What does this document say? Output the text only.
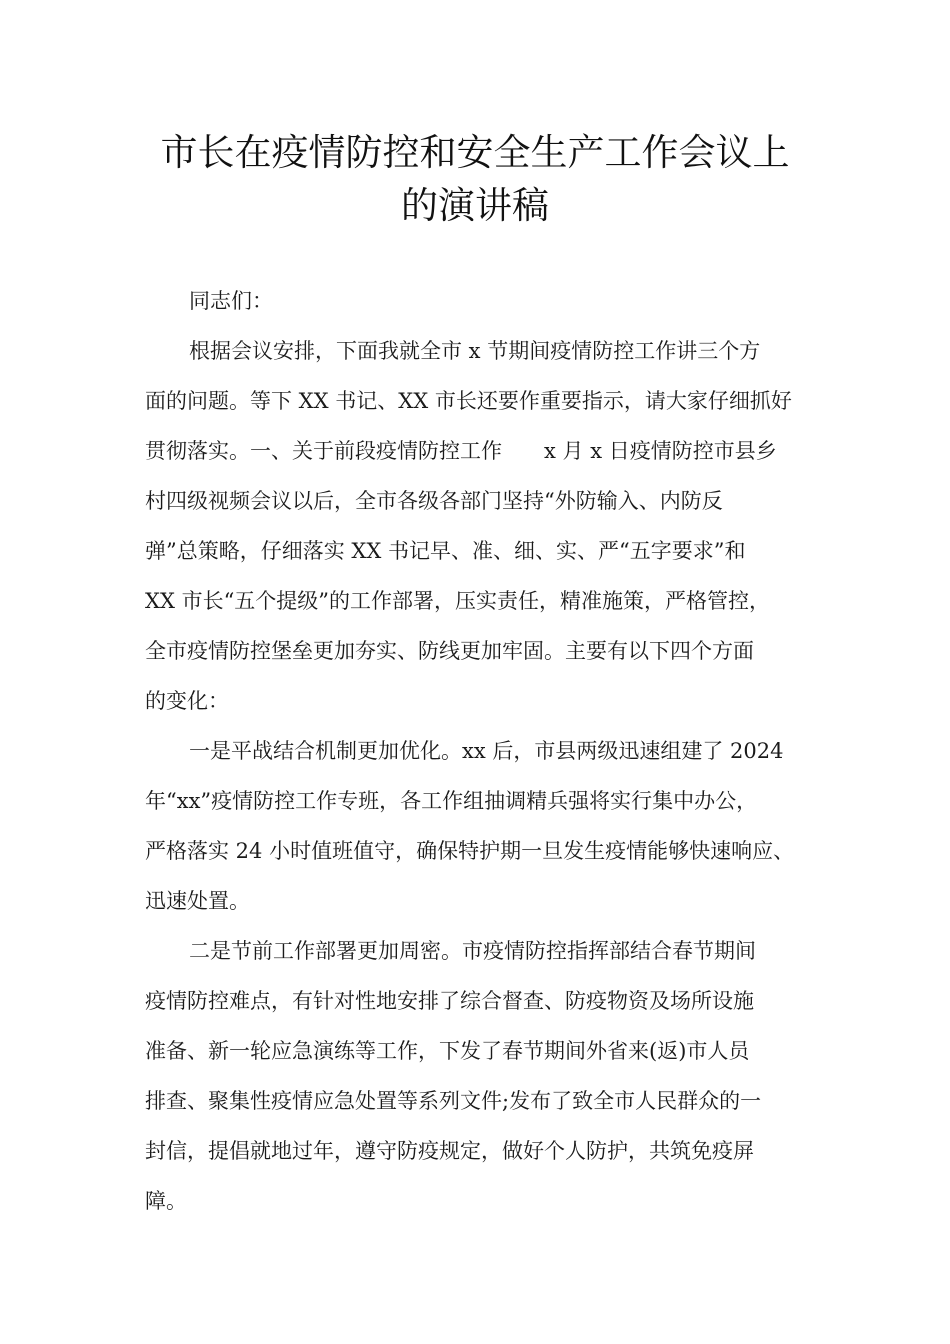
市长在疫情防控和安全生产工作会议上
的演讲稿
同志们：
根据会议安排，下面我就全市 x 节期间疫情防控工作讲三个方
面的问题。等下 XX 书记、XX 市长还要作重要指示，请大家仔细抓好
贯彻落实。一、关于前段疫情防控工作　　x 月 x 日疫情防控市县乡
村四级视频会议以后，全市各级各部门坚持“外防输入、内防反
弹”总策略，仔细落实 XX 书记早、准、细、实、严“五字要求”和
XX 市长“五个提级”的工作部署，压实责任，精准施策，严格管控，
全市疫情防控堡垒更加夯实、防线更加牢固。主要有以下四个方面
的变化：
一是平战结合机制更加优化。xx 后，市县两级迅速组建了 2024
年“xx”疫情防控工作专班，各工作组抽调精兵强将实行集中办公，
严格落实 24 小时值班值守，确保特护期一旦发生疫情能够快速响应、
迅速处置。
二是节前工作部署更加周密。市疫情防控指挥部结合春节期间
疫情防控难点，有针对性地安排了综合督查、防疫物资及场所设施
准备、新一轮应急演练等工作，下发了春节期间外省来(返)市人员
排查、聚集性疫情应急处置等系列文件;发布了致全市人民群众的一
封信，提倡就地过年，遵守防疫规定，做好个人防护，共筑免疫屏
障。
